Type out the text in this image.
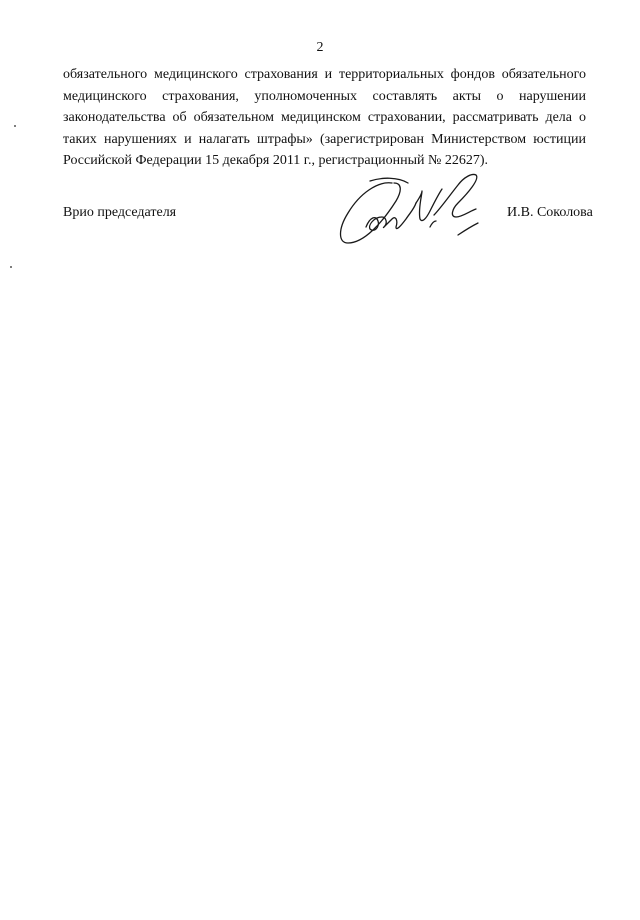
2

обязательного медицинского страхования и территориальных фондов обязательного
медицинского страхования, уполномоченных составлять акты о нарушении
законодательства об обязательном медицинском страховании, рассматривать дела о
таких нарушениях и налагать штрафы» (зарегистрирован Министерством юстиции
Российской Федерации 15 декабря 2011 г., регистрационный № 22627).

Врио председателя	И.В. Соколова
